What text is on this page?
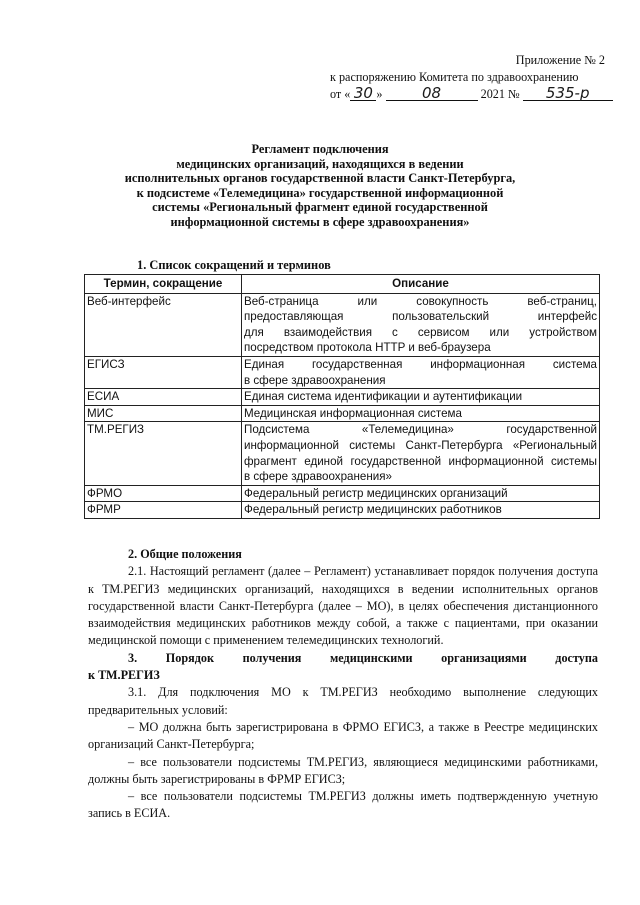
Приложение № 2
к распоряжению Комитета по здравоохранению
от « 30 »	08	2021 № 535-р
Регламент подключения
медицинских организаций, находящихся в ведении
исполнительных органов государственной власти Санкт-Петербурга,
к подсистеме «Телемедицина» государственной информационной
системы «Региональный фрагмент единой государственной
информационной системы в сфере здравоохранения»
1. Список сокращений и терминов
Термин, сокращение	Описание
Веб-интерфейс	Веб-страница или совокупность веб-страниц,
предоставляющая пользовательский интерфейс
для взаимодействия с сервисом или устройством
посредством протокола HTTP и веб-браузера

ЕГИСЗ	Единая государственная информационная система
в сфере здравоохранения

ЕСИА	Единая система идентификации и аутентификации

МИС	Медицинская информационная система

ТМ.РЕГИЗ	Подсистема «Телемедицина» государственной
информационной системы Санкт-Петербурга «Региональный
фрагмент единой государственной информационной системы
в сфере здравоохранения»

ФРМО	Федеральный регистр медицинских организаций

ФРМР	Федеральный регистр медицинских работников

2. Общие положения

2.1. Настоящий регламент (далее – Регламент) устанавливает порядок получения доступа к ТМ.РЕГИЗ медицинских организаций, находящихся в ведении исполнительных органов государственной власти Санкт-Петербурга (далее – МО), в целях обеспечения дистанционного взаимодействия медицинских работников между собой, а также с пациентами, при оказании медицинской помощи с применением телемедицинских технологий.

3. Порядок получения медицинскими организациями доступа

к ТМ.РЕГИЗ

3.1. Для подключения МО к ТМ.РЕГИЗ необходимо выполнение следующих предварительных условий:

– МО должна быть зарегистрирована в ФРМО ЕГИСЗ, а также в Реестре медицинских организаций Санкт-Петербурга;

– все пользователи подсистемы ТМ.РЕГИЗ, являющиеся медицинскими работниками, должны быть зарегистрированы в ФРМР ЕГИСЗ;

– все пользователи подсистемы ТМ.РЕГИЗ должны иметь подтвержденную учетную запись в ЕСИА.
